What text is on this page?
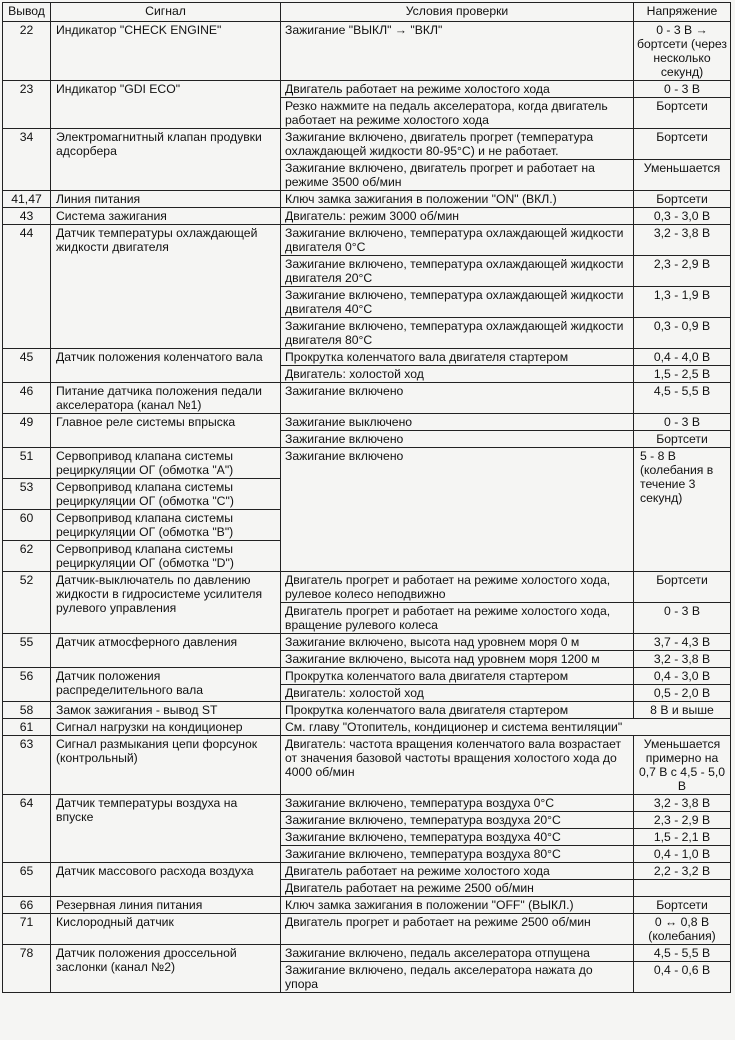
Вывод	Сигнал	Условия проверки	Напряжение
22	Индикатор "CHECK ENGINE"	Зажигание "ВЫКЛ" → "ВКЛ"	0 - 3 В → бортсети (через несколько секунд)
23	Индикатор "GDI ECO"	Двигатель работает на режиме холостого хода	0 - 3 В
		Резко нажмите на педаль акселератора, когда двигатель работает на режиме холостого хода	Бортсети
34	Электромагнитный клапан продувки адсорбера	Зажигание включено, двигатель прогрет (температура охлаждающей жидкости 80-95°С) и не работает.	Бортсети
		Зажигание включено, двигатель прогрет и работает на режиме 3500 об/мин	Уменьшается
41,47	Линия питания	Ключ замка зажигания в положении "ON" (ВКЛ.)	Бортсети
43	Система зажигания	Двигатель: режим 3000 об/мин	0,3 - 3,0 В
44	Датчик температуры охлаждающей жидкости двигателя	Зажигание включено, температура охлаждающей жидкости двигателя 0°С	3,2 - 3,8 В
		Зажигание включено, температура охлаждающей жидкости двигателя 20°С	2,3 - 2,9 В
		Зажигание включено, температура охлаждающей жидкости двигателя 40°С	1,3 - 1,9 В
		Зажигание включено, температура охлаждающей жидкости двигателя 80°С	0,3 - 0,9 В
45	Датчик положения коленчатого вала	Прокрутка коленчатого вала двигателя стартером	0,4 - 4,0 В
		Двигатель: холостой ход	1,5 - 2,5 В
46	Питание датчика положения педали акселератора (канал №1)	Зажигание включено	4,5 - 5,5 В
49	Главное реле системы впрыска	Зажигание выключено	0 - 3 В
		Зажигание включено	Бортсети
51	Сервопривод клапана системы рециркуляции ОГ (обмотка "А")	Зажигание включено	5 - 8 В (колебания в течение 3 секунд)
53	Сервопривод клапана системы рециркуляции ОГ (обмотка "С")		
60	Сервопривод клапана системы рециркуляции ОГ (обмотка "В")		
62	Сервопривод клапана системы рециркуляции ОГ (обмотка "D")		
52	Датчик-выключатель по давлению жидкости в гидросистеме усилителя рулевого управления	Двигатель прогрет и работает на режиме холостого хода, рулевое колесо неподвижно	Бортсети
		Двигатель прогрет и работает на режиме холостого хода, вращение рулевого колеса	0 - 3 В
55	Датчик атмосферного давления	Зажигание включено, высота над уровнем моря 0 м	3,7 - 4,3 В
		Зажигание включено, высота над уровнем моря 1200 м	3,2 - 3,8 В
56	Датчик положения распределительного вала	Прокрутка коленчатого вала двигателя стартером	0,4 - 3,0 В
		Двигатель: холостой ход	0,5 - 2,0 В
58	Замок зажигания - вывод ST	Прокрутка коленчатого вала двигателя стартером	8 В и выше
61	Сигнал нагрузки на кондиционер	См. главу "Отопитель, кондиционер и система вентиляции"	
63	Сигнал размыкания цепи форсунок (контрольный)	Двигатель: частота вращения коленчатого вала возрастает от значения базовой частоты вращения холостого хода до 4000 об/мин	Уменьшается примерно на 0,7 В с 4,5 - 5,0 В
64	Датчик температуры воздуха на впуске	Зажигание включено, температура воздуха 0°С	3,2 - 3,8 В
		Зажигание включено, температура воздуха 20°С	2,3 - 2,9 В
		Зажигание включено, температура воздуха 40°С	1,5 - 2,1 В
		Зажигание включено, температура воздуха 80°С	0,4 - 1,0 В
65	Датчик массового расхода воздуха	Двигатель работает на режиме холостого хода	2,2 - 3,2 В
		Двигатель работает на режиме 2500 об/мин	
66	Резервная линия питания	Ключ замка зажигания в положении "OFF" (ВЫКЛ.)	Бортсети
71	Кислородный датчик	Двигатель прогрет и работает на режиме 2500 об/мин	0 ↔ 0,8 В (колебания)
78	Датчик положения дроссельной заслонки (канал №2)	Зажигание включено, педаль акселератора отпущена	4,5 - 5,5 В
		Зажигание включено, педаль акселератора нажата до упора	0,4 - 0,6 В
